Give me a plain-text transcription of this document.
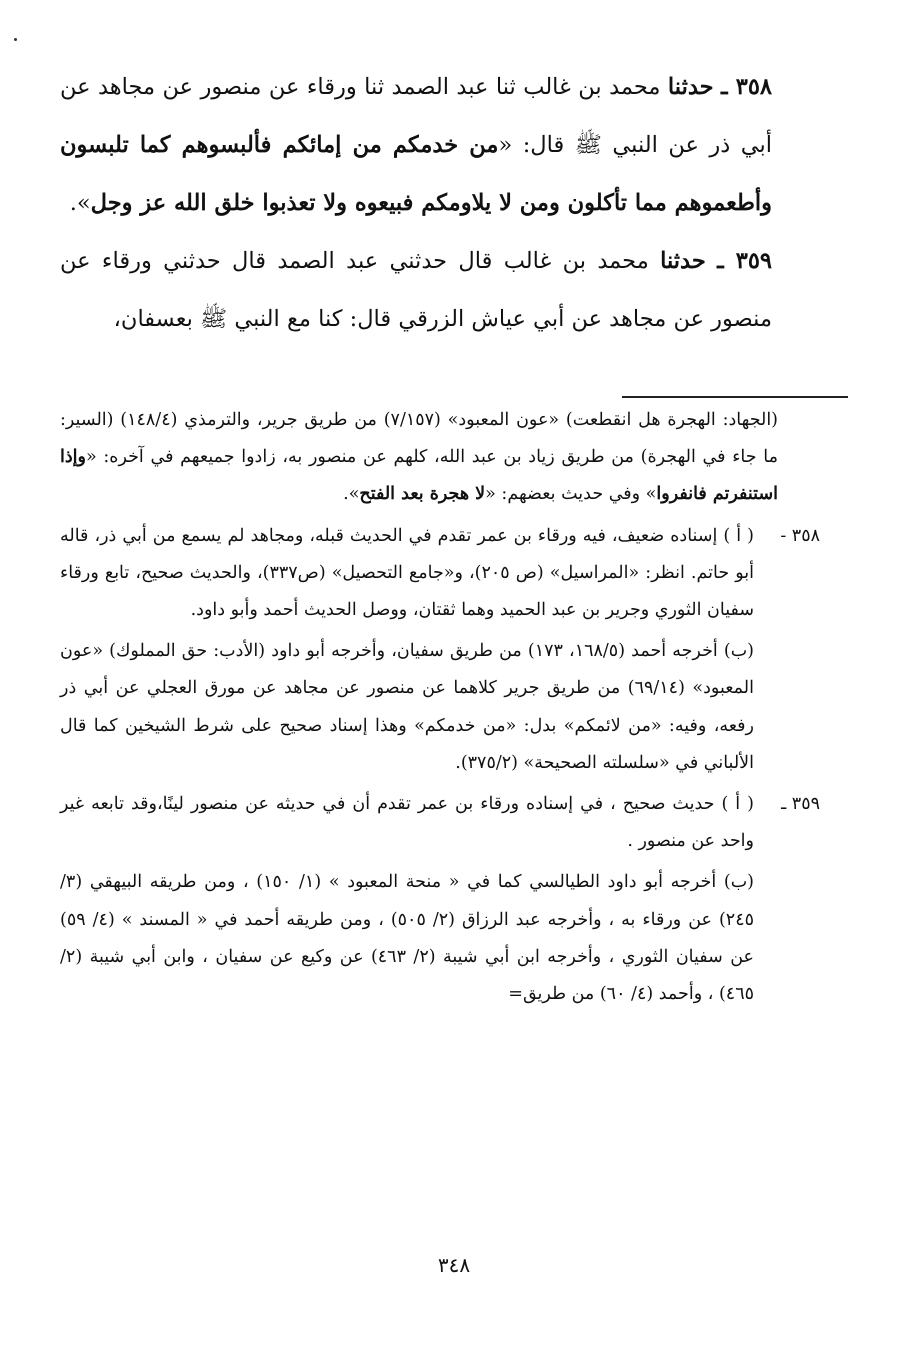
٣٥٨ ـ حدثنا محمد بن غالب ثنا عبد الصمد ثنا ورقاء عن منصور عن مجاهد عن أبي ذر عن النبي ﷺ قال: «من خدمكم من إمائكم فألبسوهم كما تلبسون وأطعموهم مما تأكلون ومن لا يلاومكم فبيعوه ولا تعذبوا خلق الله عز وجل».

٣٥٩ ـ حدثنا محمد بن غالب قال حدثني عبد الصمد قال حدثني ورقاء عن منصور عن مجاهد عن أبي عياش الزرقي قال: كنا مع النبي ﷺ بعسفان،

(الجهاد: الهجرة هل انقطعت) «عون المعبود» (٧/١٥٧) من طريق جرير، والترمذي (١٤٨/٤) (السير: ما جاء في الهجرة) من طريق زياد بن عبد الله، كلهم عن منصور به، زادوا جميعهم في آخره: «وإذا استنفرتم فانفروا» وفي حديث بعضهم: «لا هجرة بعد الفتح».

٣٥٨ -

( أ ) إسناده ضعيف، فيه ورقاء بن عمر تقدم في الحديث قبله، ومجاهد لم يسمع من أبي ذر، قاله أبو حاتم. انظر: «المراسيل» (ص ٢٠٥)، و«جامع التحصيل» (ص٣٣٧)، والحديث صحيح، تابع ورقاء سفيان الثوري وجرير بن عبد الحميد وهما ثقتان، ووصل الحديث أحمد وأبو داود.

(ب) أخرجه أحمد (١٦٨/٥، ١٧٣) من طريق سفيان، وأخرجه أبو داود (الأدب: حق المملوك) «عون المعبود» (٦٩/١٤) من طريق جرير كلاهما عن منصور عن مجاهد عن مورق العجلي عن أبي ذر رفعه، وفيه: «من لائمكم» بدل: «من خدمكم» وهذا إسناد صحيح على شرط الشيخين كما قال الألباني في «سلسلته الصحيحة» (٣٧٥/٢).

٣٥٩ ـ

( أ ) حديث صحيح ، في إسناده ورقاء بن عمر تقدم أن في حديثه عن منصور لينًا،وقد تابعه غير واحد عن منصور .

(ب) أخرجه أبو داود الطيالسي كما في « منحة المعبود » (١/ ١٥٠) ، ومن طريقه البيهقي (٣/ ٢٤٥) عن ورقاء به ، وأخرجه عبد الرزاق (٢/ ٥٠٥) ، ومن طريقه أحمد في « المسند » (٤/ ٥٩) عن سفيان الثوري ، وأخرجه ابن أبي شيبة (٢/ ٤٦٣) عن وكيع عن سفيان ، وابن أبي شيبة (٢/ ٤٦٥) ، وأحمد (٤/ ٦٠) من طريق=

٣٤٨
